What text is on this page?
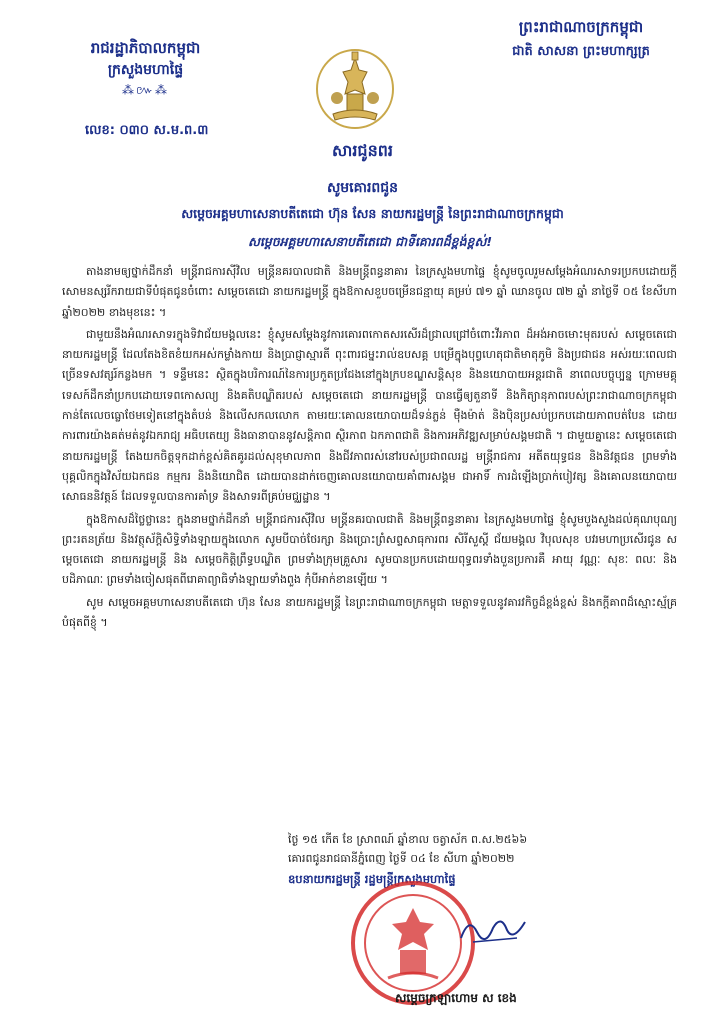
រាជរដ្ឋាភិបាលកម្ពុជា
ក្រសួងមហាផ្ទៃ
⁂៚⁂
លេខ: ០៣០ ស.ម.ព.៣
ព្រះរាជាណាចក្រកម្ពុជា
ជាតិ សាសនា ព្រះមហាក្សត្រ
សារជូនពរ
សូមគោរពជូន
សម្តេចអគ្គមហាសេនាបតីតេជោ ហ៊ុន សែន នាយករដ្ឋមន្ត្រី នៃព្រះរាជាណាចក្រកម្ពុជា
សម្តេចអគ្គមហាសេនាបតីតេជោ ជាទីគោរពដ៏ខ្ពង់ខ្ពស់!

តាងនាមឲ្យថ្នាក់ដឹកនាំ មន្ត្រីរាជការស៊ីវិល មន្ត្រីនគរបាលជាតិ និងមន្ត្រីពន្ធនាគារ នៃក្រសួងមហាផ្ទៃ ខ្ញុំសូមចូលរួមសម្តែងអំណរសាទរ​ប្រកបដោយក្តីសោមនស្សរីករាយជាទីបំផុតជូនចំពោះ សម្តេចតេជោ នាយករដ្ឋមន្ត្រី ក្នុងឱកាសខួបចម្រើនជន្មាយុ គម្រប់ ៧១ ឆ្នាំ ឈានចូល ៧២ ឆ្នាំ នាថ្ងៃទី ០៥ ខែសីហា ឆ្នាំ២០២២ ខាងមុខនេះ ។

ជាមួយនឹងអំណរសាទរក្នុងទិវាជ័យមង្គលនេះ ខ្ញុំសូមសម្តែងនូវការគោរពកោតសរសើរដ៏ជ្រាលជ្រៅចំពោះវីរភាព ដ៏អង់អាចមោះមុតរបស់ សម្តេចតេជោ នាយករដ្ឋមន្ត្រី ដែលតែងខិតខំយកអស់កម្លាំងកាយ និងប្រាជ្ញាស្មារតី ពុះពារជម្នះរាល់ឧបសគ្គ បម្រើក្នុងបុព្វហេតុជាតិមាតុភូមិ និងប្រជាជន អស់រយៈពេលជាច្រើនទសវត្សរ៍កន្លងមក ។ ទន្ទឹមនេះ ស្ថិតក្នុងបរិការណ៍នៃការប្រកួតប្រជែងនៅក្នុងក្របខណ្ឌសន្តិសុខ និងនយោបាយអន្តរជាតិ នាពេលបច្ចុប្បន្ន ក្រោមមគ្គុទេសក៍ដឹកនាំប្រកបដោយទេពកោសល្យ និងគតិបណ្ឌិតរបស់ សម្តេចតេជោ នាយករដ្ឋមន្ត្រី បានធ្វើឲ្យតួនាទី និងកិត្យានុភាពរបស់ព្រះរាជាណាចក្រកម្ពុជា កាន់តែលេចធ្លោថែមទៀតនៅក្នុងតំបន់ និងលើសកលលោក តាមរយៈគោលនយោបាយដ៏ទន់ភ្លន់ ម៉ឺងម៉ាត់ និងប៉ិនប្រសប់ប្រកបដោយភាពបត់បែន ដោយការពារយ៉ាងគត់មត់នូវឯករាជ្យ អធិបតេយ្យ និងធានាបាននូវសន្តិភាព ស្ថិរភាព ឯកភាពជាតិ និងការអភិវឌ្ឍសម្រាប់សង្គមជាតិ ។ ជាមួយគ្នានេះ សម្តេចតេជោ នាយករដ្ឋមន្ត្រី តែងយកចិត្តទុកដាក់ខ្ពស់គិតគូរដល់សុខុមាលភាព និងជីវភាពរស់នៅរបស់ប្រជាពលរដ្ឋ មន្ត្រីរាជការ អតីតយុទ្ធជន និងនិវត្តជន ព្រមទាំងបុគ្គលិកក្នុងវិស័យឯកជន កម្មករ និងនិយោជិត ដោយបានដាក់ចេញគោលនយោបាយគាំពារសង្គម ជាអាទិ៍ ការដំឡើងប្រាក់បៀវត្ស និងគោលនយោបាយសោធននិវត្តន៍ ដែលទទួលបានការគាំទ្រ និងសាទរពីគ្រប់មជ្ឈដ្ឋាន ។

ក្នុងឱកាសដ៏ថ្លៃថ្លានេះ ក្នុងនាមថ្នាក់ដឹកនាំ មន្ត្រីរាជការស៊ីវិល មន្ត្រីនគរបាលជាតិ និងមន្ត្រីពន្ធនាគារ នៃក្រសួងមហាផ្ទៃ ខ្ញុំសូមបួងសួងដល់គុណបុណ្យព្រះរតនត្រ័យ និងវត្ថុស័ក្តិសិទ្ធិទាំងឡាយក្នុងលោក សូមបីបាច់ថែរក្សា និងប្រោះព្រំសព្ទសាធុការពរ សិរីសួស្តី ជ័យមង្គល វិបុលសុខ បវរមហាប្រសើរជូន សម្តេចតេជោ នាយករដ្ឋមន្ត្រី និង សម្តេចកិត្តិព្រឹទ្ធបណ្ឌិត ព្រមទាំងក្រុមគ្រួសារ សូមបានប្រកបដោយពុទ្ធពរទាំងបួនប្រការគឺ អាយុ វណ្ណៈ សុខៈ ពលៈ និងបដិភាណៈ ព្រមទាំងចៀសផុតពីរោគាព្យាធិទាំងឡាយទាំងពួង កុំបីអាក់ខានឡើយ ។

សូម សម្តេចអគ្គមហាសេនាបតីតេជោ ហ៊ុន សែន នាយករដ្ឋមន្ត្រី នៃព្រះរាជាណាចក្រកម្ពុជា មេត្តាទទួលនូវគារវកិច្ចដ៏ខ្ពង់ខ្ពស់ និងកក្តីគាពដ៏ស្មោះស្ម័គ្របំផុតពីខ្ញុំ ។

ថ្ងៃ ១៥ កើត ខែ ស្រាពណ៍ ឆ្នាំខាល ចត្វាស័ក ព.ស.២៥៦៦
គោរពជូនរាជធានីភ្នំពេញ ថ្ងៃទី ០៤ ខែ សីហា ឆ្នាំ២០២២
ឧបនាយករដ្ឋមន្ត្រី រដ្ឋមន្ត្រីក្រសួងមហាផ្ទៃ
សម្តេចក្រឡាហោម ស ខេង
